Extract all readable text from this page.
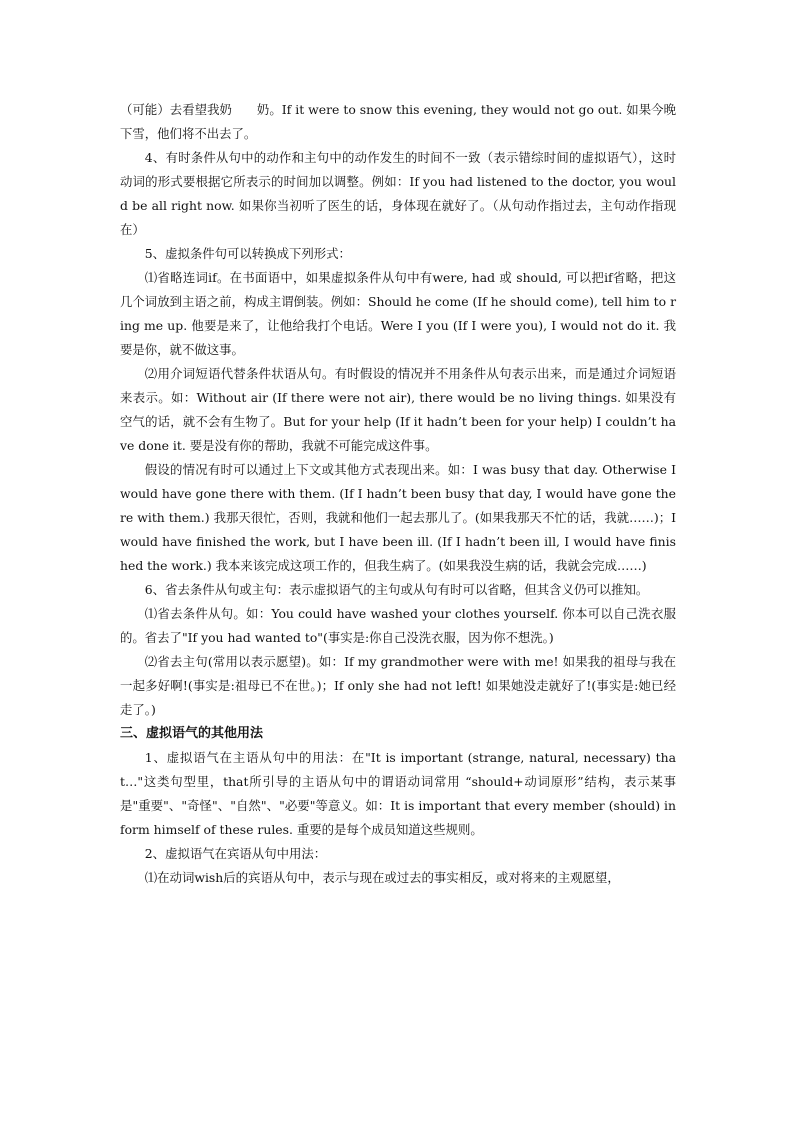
（可能）去看望我奶　　奶。If it were to snow this evening, they would not go out. 如果今晚下雪，他们将不出去了。

4、有时条件从句中的动作和主句中的动作发生的时间不一致（表示错综时间的虚拟语气），这时动词的形式要根据它所表示的时间加以调整。例如：If you had listened to the doctor, you would be all right now. 如果你当初听了医生的话，身体现在就好了。（从句动作指过去，主句动作指现在）

5、虚拟条件句可以转换成下列形式：

⑴省略连词if。在书面语中，如果虚拟条件从句中有were, had 或 should, 可以把if省略，把这几个词放到主语之前，构成主谓倒装。例如：Should he come (If he should come), tell him to ring me up. 他要是来了，让他给我打个电话。Were I you (If I were you), I would not do it. 我要是你，就不做这事。

⑵用介词短语代替条件状语从句。有时假设的情况并不用条件从句表示出来，而是通过介词短语来表示。如：Without air (If there were not air), there would be no living things. 如果没有空气的话，就不会有生物了。But for your help (If it hadn’t been for your help) I couldn’t have done it. 要是没有你的帮助，我就不可能完成这件事。

假设的情况有时可以通过上下文或其他方式表现出来。如：I was busy that day. Otherwise I would have gone there with them. (If I hadn’t been busy that day, I would have gone there with them.) 我那天很忙，否则，我就和他们一起去那儿了。(如果我那天不忙的话，我就……)；I would have finished the work, but I have been ill. (If I hadn’t been ill, I would have finished the work.) 我本来该完成这项工作的，但我生病了。(如果我没生病的话，我就会完成……)

6、省去条件从句或主句：表示虚拟语气的主句或从句有时可以省略，但其含义仍可以推知。

⑴省去条件从句。如：You could have washed your clothes yourself. 你本可以自己洗衣服的。省去了"If you had wanted to"(事实是:你自己没洗衣服，因为你不想洗。)

⑵省去主句(常用以表示愿望)。如：If my grandmother were with me! 如果我的祖母与我在一起多好啊!(事实是:祖母已不在世。)；If only she had not left! 如果她没走就好了!(事实是:她已经走了。)

三、虚拟语气的其他用法

1、虚拟语气在主语从句中的用法：在"It is important (strange, natural, necessary) that…"这类句型里，that所引导的主语从句中的谓语动词常用 “should+动词原形”结构，表示某事是"重要"、"奇怪"、"自然"、"必要"等意义。如：It is important that every member (should) inform himself of these rules. 重要的是每个成员知道这些规则。

2、虚拟语气在宾语从句中用法：

⑴在动词wish后的宾语从句中，表示与现在或过去的事实相反，或对将来的主观愿望，
